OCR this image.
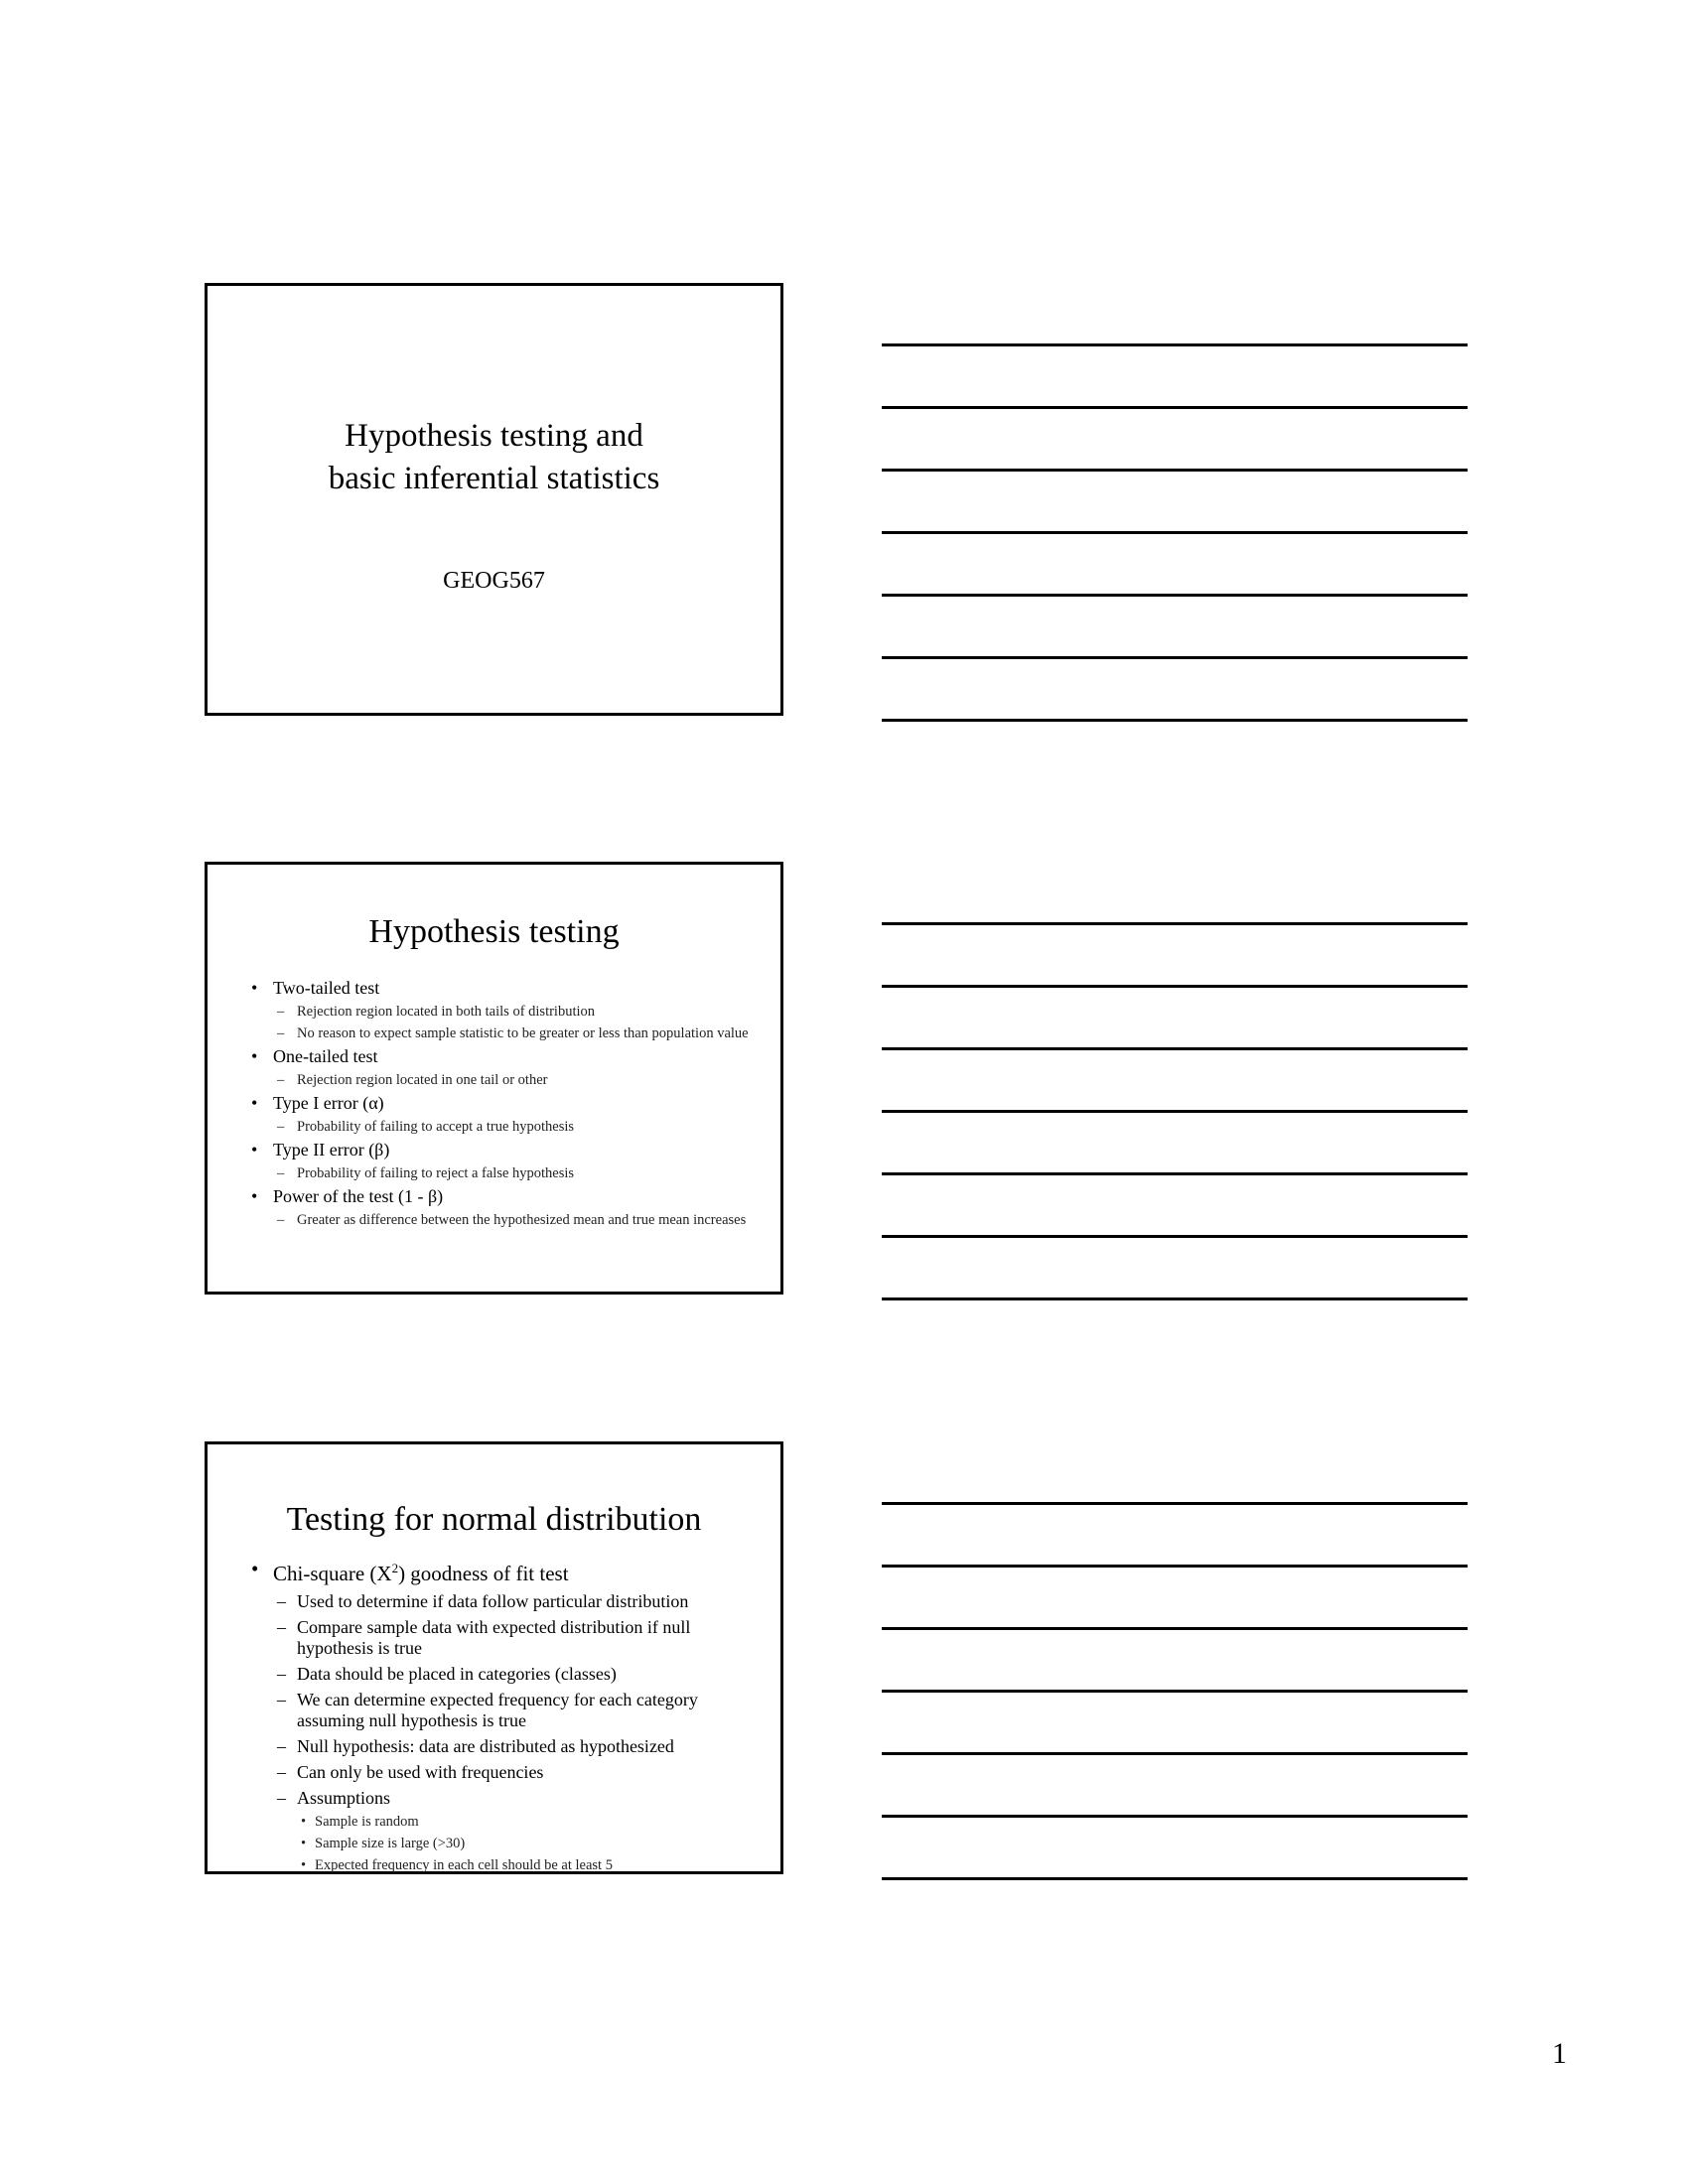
Hypothesis testing and
basic inferential statistics
GEOG567
Hypothesis testing
• Two-tailed test
– Rejection region located in both tails of distribution
– No reason to expect sample statistic to be greater or less than population value
• One-tailed test
– Rejection region located in one tail or other
• Type I error (α)
– Probability of failing to accept a true hypothesis
• Type II error (β)
– Probability of failing to reject a false hypothesis
• Power of the test (1 - β)
– Greater as difference between the hypothesized mean and true mean increases
Testing for normal distribution
• Chi-square $(X^2)$ goodness of fit test
– Used to determine if data follow particular distribution
– Compare sample data with expected distribution if null hypothesis is true
– Data should be placed in categories (classes)
– We can determine expected frequency for each category assuming null hypothesis is true
– Null hypothesis: data are distributed as hypothesized
– Can only be used with frequencies
– Assumptions
• Sample is random
• Sample size is large (>30)
• Expected frequency in each cell should be at least 5
1
